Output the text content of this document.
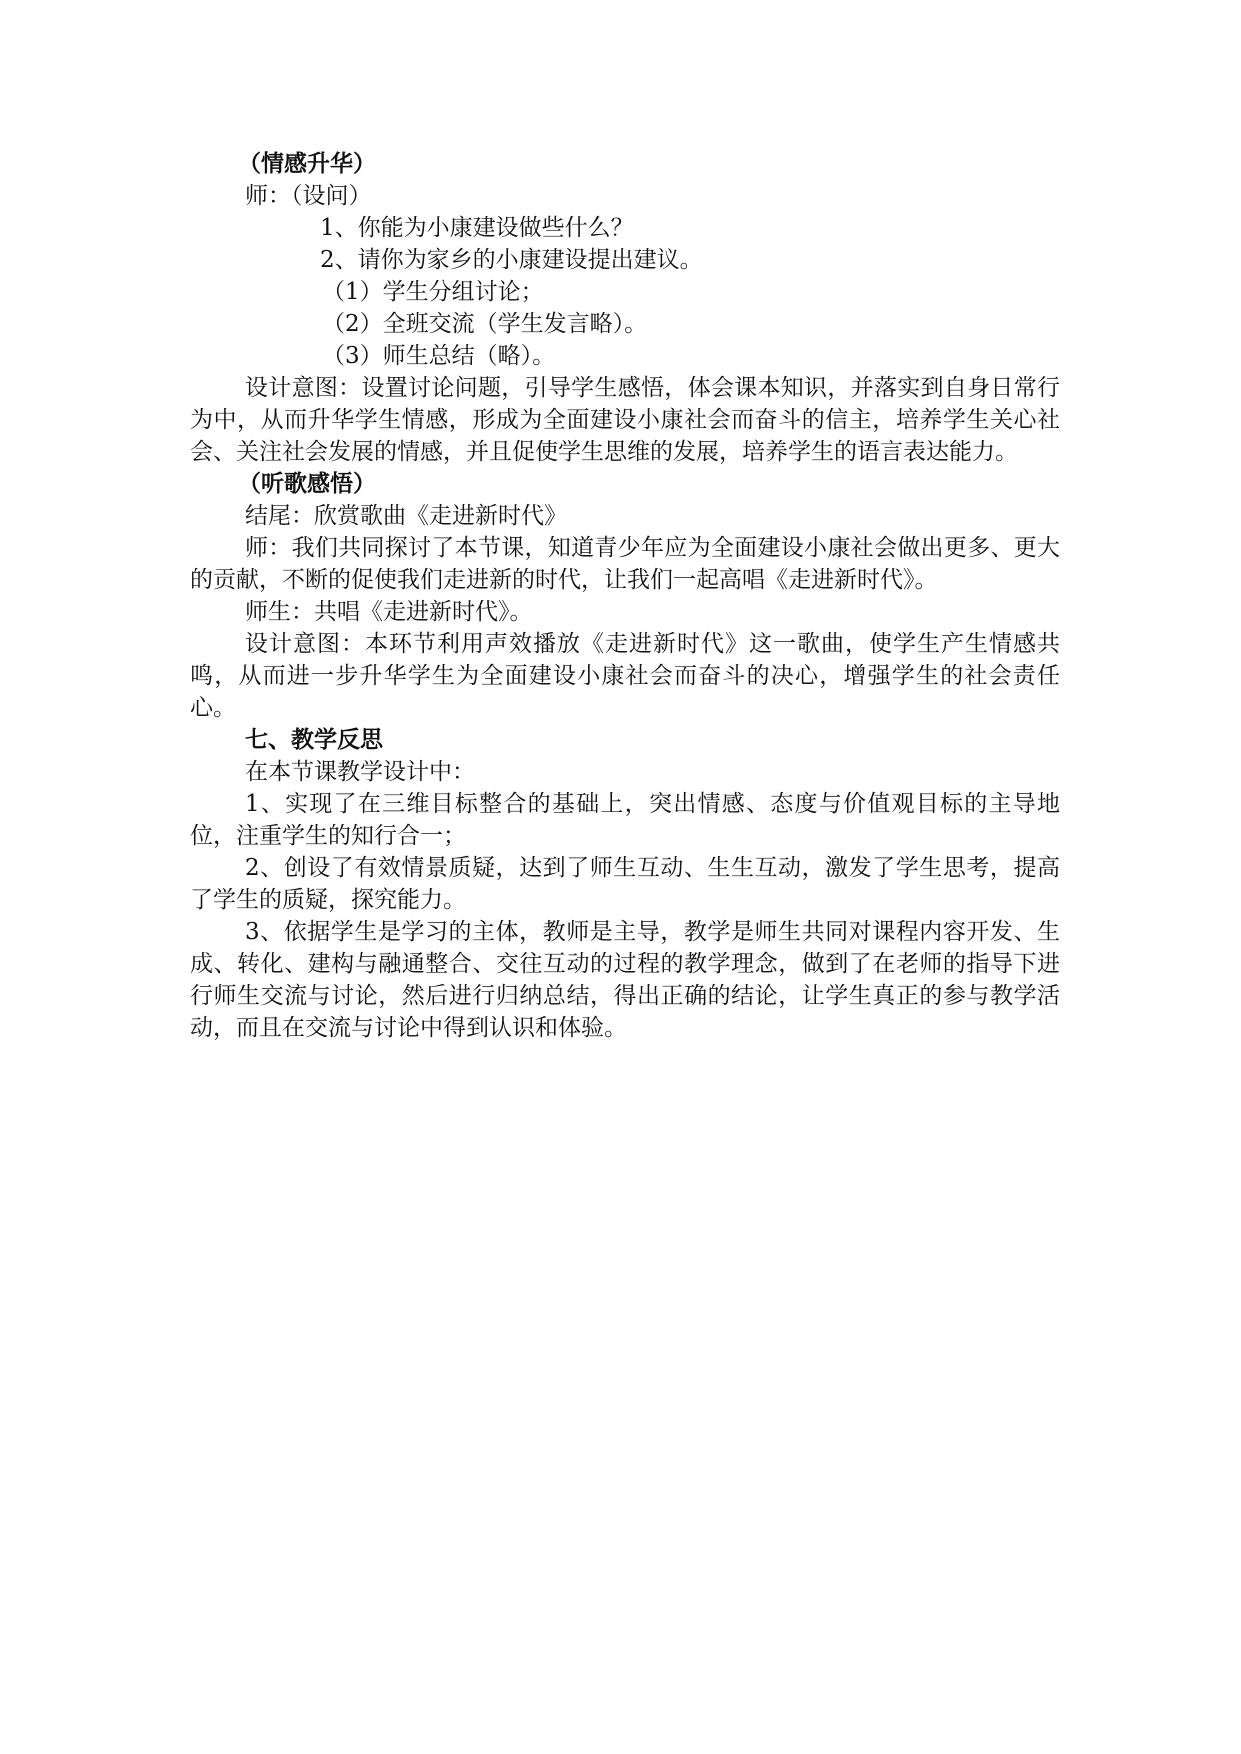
（情感升华）
师：（设问）
1、你能为小康建设做些什么？
2、请你为家乡的小康建设提出建议。
（1）学生分组讨论；
（2）全班交流（学生发言略）。
（3）师生总结（略）。

设计意图：设置讨论问题，引导学生感悟，体会课本知识，并落实到自身日常行为中，从而升华学生情感，形成为全面建设小康社会而奋斗的信主，培养学生关心社会、关注社会发展的情感，并且促使学生思维的发展，培养学生的语言表达能力。

（听歌感悟）
结尾：欣赏歌曲《走进新时代》

师：我们共同探讨了本节课，知道青少年应为全面建设小康社会做出更多、更大的贡献，不断的促使我们走进新的时代，让我们一起高唱《走进新时代》。

师生：共唱《走进新时代》。

设计意图：本环节利用声效播放《走进新时代》这一歌曲，使学生产生情感共鸣，从而进一步升华学生为全面建设小康社会而奋斗的决心，增强学生的社会责任心。

七、教学反思
在本节课教学设计中：

1、实现了在三维目标整合的基础上，突出情感、态度与价值观目标的主导地位，注重学生的知行合一；

2、创设了有效情景质疑，达到了师生互动、生生互动，激发了学生思考，提高了学生的质疑，探究能力。

3、依据学生是学习的主体，教师是主导，教学是师生共同对课程内容开发、生成、转化、建构与融通整合、交往互动的过程的教学理念，做到了在老师的指导下进行师生交流与讨论，然后进行归纳总结，得出正确的结论，让学生真正的参与教学活动，而且在交流与讨论中得到认识和体验。
